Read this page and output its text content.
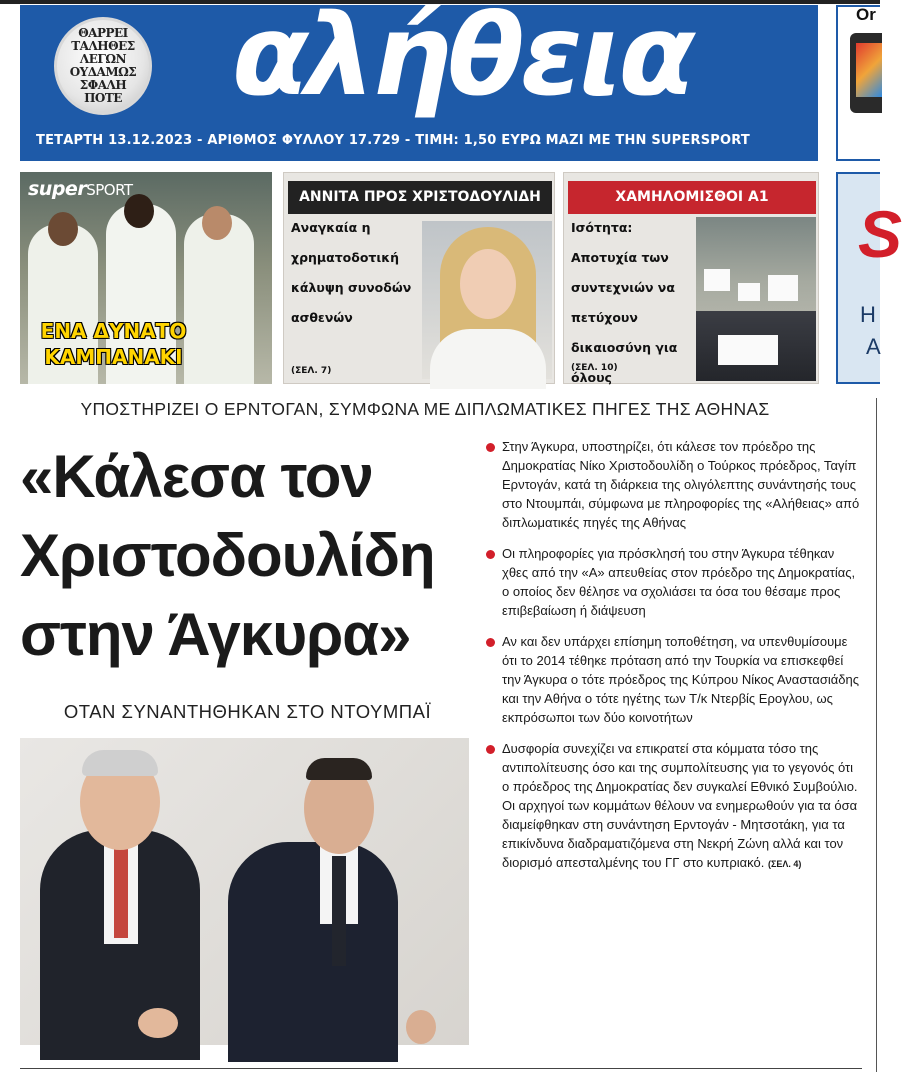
ΘΑΡΡΕΙ ΤΑΛΗΘΕΣ ΛΕΓΩΝ ΟΥΔΑΜΩΣ ΣΦΑΛΗ ΠΟΤΕ αλήθεια
ΤΕΤΑΡΤΗ 13.12.2023 - ΑΡΙΘΜΟΣ ΦΥΛΛΟΥ 17.729 - ΤΙΜΗ: 1,50 ΕΥΡΩ ΜΑΖΙ ΜΕ ΤΗΝ SUPERSPORT
Or
S
H
A
superSPORT
ΕΝΑ ΔΥΝΑΤΟ ΚΑΜΠΑΝΑΚΙ
ΑΝΝΙΤΑ ΠΡΟΣ ΧΡΙΣΤΟΔΟΥΛΙΔΗ
Αναγκαία η χρηματοδοτική κάλυψη συνοδών ασθενών
(ΣΕΛ. 7)
ΧΑΜΗΛΟΜΙΣΘΟΙ Α1
Ισότητα: Αποτυχία των συντεχνιών να πετύχουν δικαιοσύνη για όλους
(ΣΕΛ. 10)
ΥΠΟΣΤΗΡΙΖΕΙ Ο ΕΡΝΤΟΓΑΝ, ΣΥΜΦΩΝΑ ΜΕ ΔΙΠΛΩΜΑΤΙΚΕΣ ΠΗΓΕΣ ΤΗΣ ΑΘΗΝΑΣ
«Κάλεσα τον
Χριστοδουλίδη
στην Άγκυρα»
ΟΤΑΝ ΣΥΝΑΝΤΗΘΗΚΑΝ ΣΤΟ ΝΤΟΥΜΠΑΪ
Στην Άγκυρα, υποστηρίζει, ότι κάλεσε τον πρόεδρο της Δημοκρατίας Νίκο Χριστοδουλίδη ο Τούρκος πρόεδρος, Ταγίπ Ερντογάν, κατά τη διάρκεια της ολιγόλεπτης συνάντησής τους στο Ντουμπάι, σύμφωνα με πληροφορίες της «Αλήθειας» από διπλωματικές πηγές της Αθήνας
Οι πληροφορίες για πρόσκλησή του στην Άγκυρα τέθηκαν χθες από την «Α» απευθείας στον πρόεδρο της Δημοκρατίας, ο οποίος δεν θέλησε να σχολιάσει τα όσα του θέσαμε προς επιβεβαίωση ή διάψευση
Αν και δεν υπάρχει επίσημη τοποθέτηση, να υπενθυμίσουμε ότι το 2014 τέθηκε πρόταση από την Τουρκία να επισκεφθεί την Άγκυρα ο τότε πρόεδρος της Κύπρου Νίκος Αναστασιάδης και την Αθήνα ο τότε ηγέτης των Τ/κ Ντερβίς Ερογλου, ως εκπρόσωποι των δύο κοινοτήτων
Δυσφορία συνεχίζει να επικρατεί στα κόμματα τόσο της αντιπολίτευσης όσο και της συμπολίτευσης για το γεγονός ότι ο πρόεδρος της Δημοκρατίας δεν συγκαλεί Εθνικό Συμβούλιο. Οι αρχηγοί των κομμάτων θέλουν να ενημερωθούν για τα όσα διαμείφθηκαν στη συνάντηση Ερντογάν - Μητσοτάκη, για τα επικίνδυνα διαδραματιζόμενα στη Νεκρή Ζώνη αλλά και τον διορισμό απεσταλμένης του ΓΓ στο κυπριακό. (ΣΕΛ. 4)
